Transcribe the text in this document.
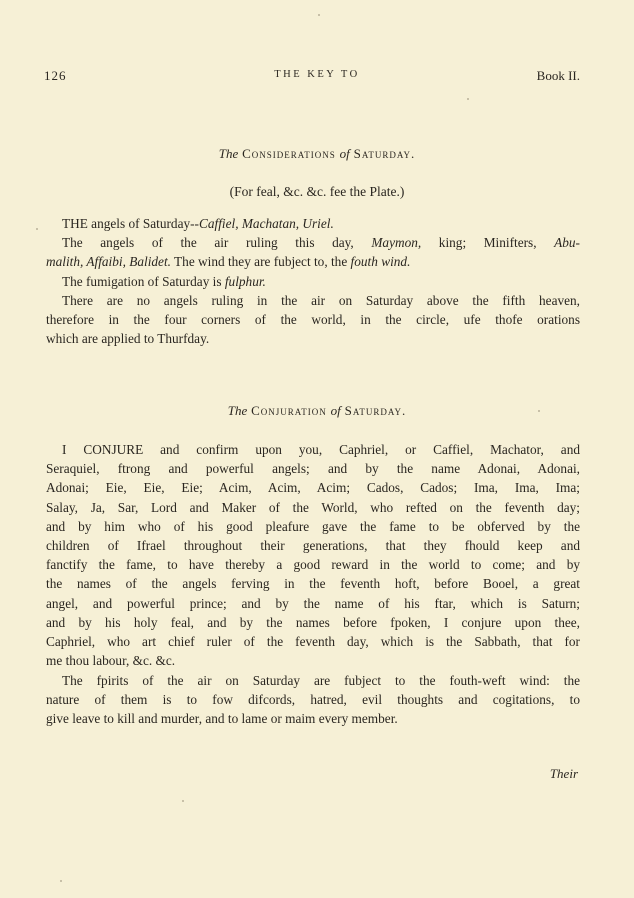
126	THE KEY TO	Book II.
The Considerations of Saturday.
(For feal, &c. &c. fee the Plate.)
THE angels of Saturday--Caffiel, Machatan, Uriel.
The angels of the air ruling this day, Maymon, king; Minifters, Abu-
malith, Affaibi, Balidet. The wind they are fubject to, the fouth wind.
The fumigation of Saturday is fulphur.
There are no angels ruling in the air on Saturday above the fifth heaven,
therefore in the four corners of the world, in the circle, ufe thofe orations
which are applied to Thurfday.
The Conjuration of Saturday.
I CONJURE and confirm upon you, Caphriel, or Caffiel, Machator, and
Seraquiel, ftrong and powerful angels; and by the name Adonai, Adonai,
Adonai; Eie, Eie, Eie; Acim, Acim, Acim; Cados, Cados; Ima, Ima, Ima;
Salay, Ja, Sar, Lord and Maker of the World, who refted on the feventh day;
and by him who of his good pleafure gave the fame to be obferved by the
children of Ifrael throughout their generations, that they fhould keep and
fanctify the fame, to have thereby a good reward in the world to come; and by
the names of the angels ferving in the feventh hoft, before Booel, a great
angel, and powerful prince; and by the name of his ftar, which is Saturn;
and by his holy feal, and by the names before fpoken, I conjure upon thee,
Caphriel, who art chief ruler of the feventh day, which is the Sabbath, that for
me thou labour, &c. &c.
The fpirits of the air on Saturday are fubject to the fouth-weft wind: the
nature of them is to fow difcords, hatred, evil thoughts and cogitations, to
give leave to kill and murder, and to lame or maim every member.
Their
